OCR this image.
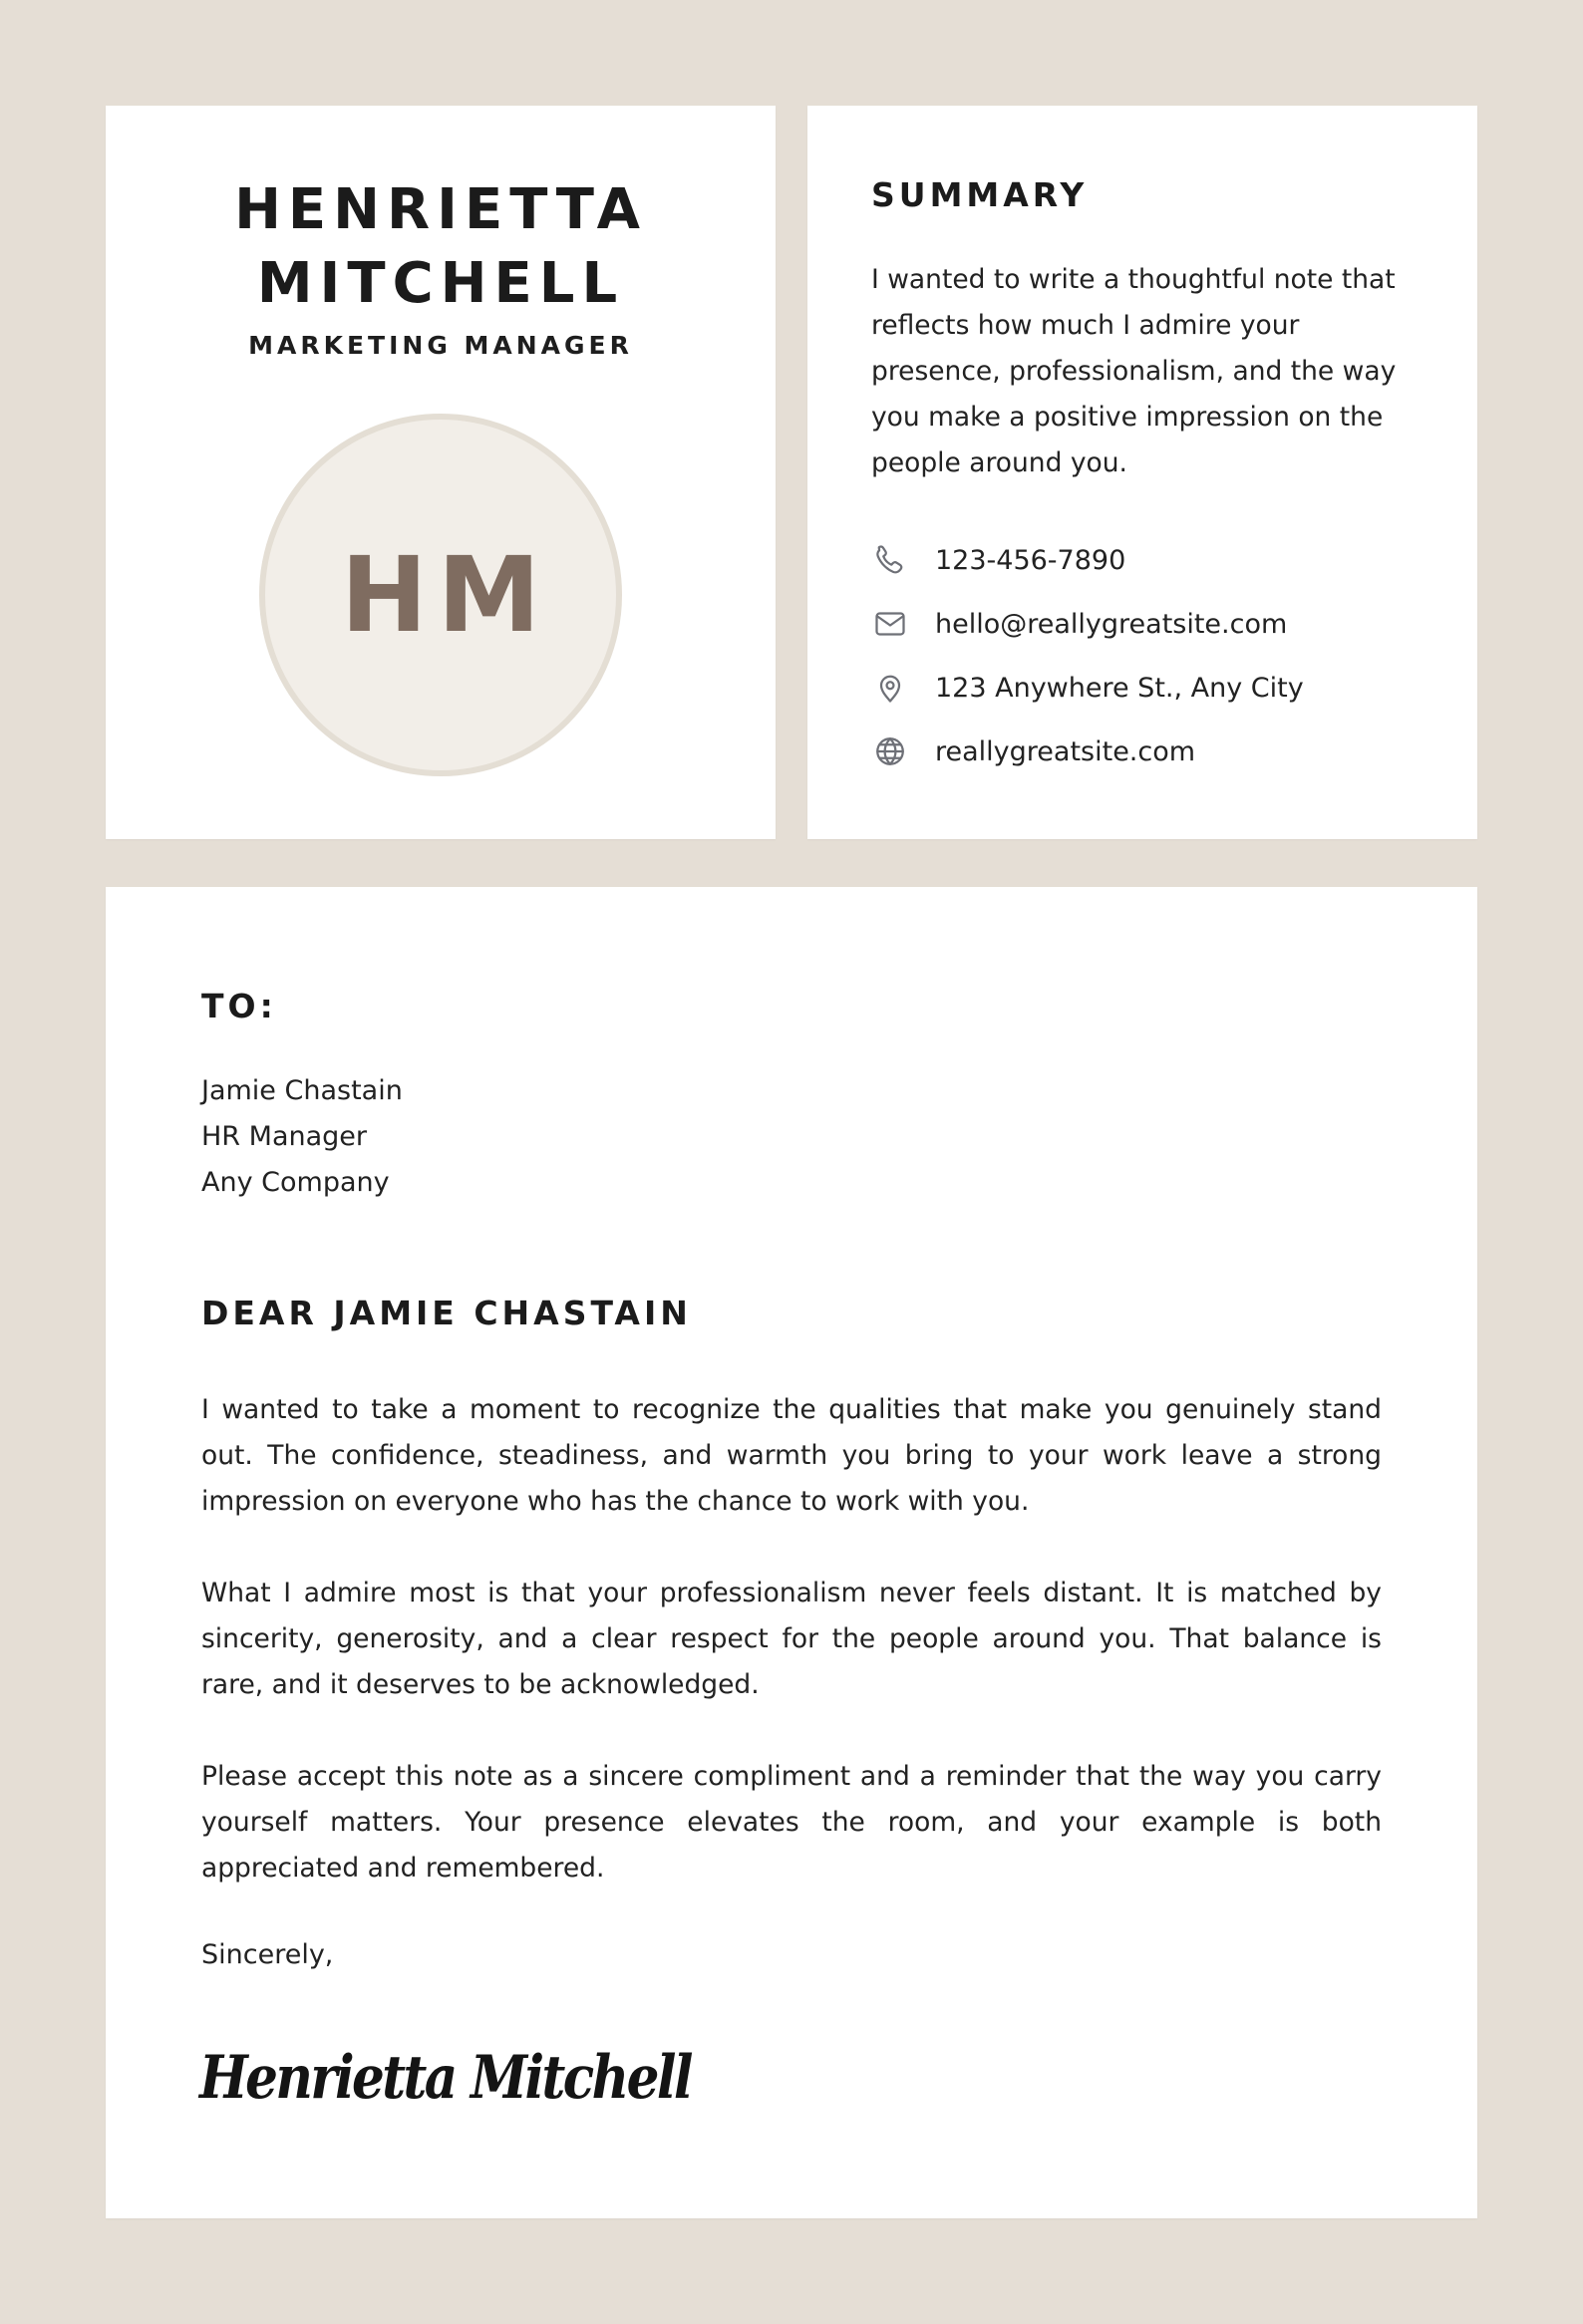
HENRIETTA
MITCHELL
MARKETING MANAGER
HM
SUMMARY
I wanted to write a thoughtful note that reflects how much I admire your presence, professionalism, and the way you make a positive impression on the people around you.
123-456-7890
hello@reallygreatsite.com
123 Anywhere St., Any City
reallygreatsite.com
TO:
Jamie Chastain
HR Manager
Any Company
DEAR JAMIE CHASTAIN

I wanted to take a moment to recognize the qualities that make you genuinely stand out. The confidence, steadiness, and warmth you bring to your work leave a strong impression on everyone who has the chance to work with you.

What I admire most is that your professionalism never feels distant. It is matched by sincerity, generosity, and a clear respect for the people around you. That balance is rare, and it deserves to be acknowledged.

Please accept this note as a sincere compliment and a reminder that the way you carry yourself matters. Your presence elevates the room, and your example is both appreciated and remembered.

Sincerely,
Henrietta Mitchell
